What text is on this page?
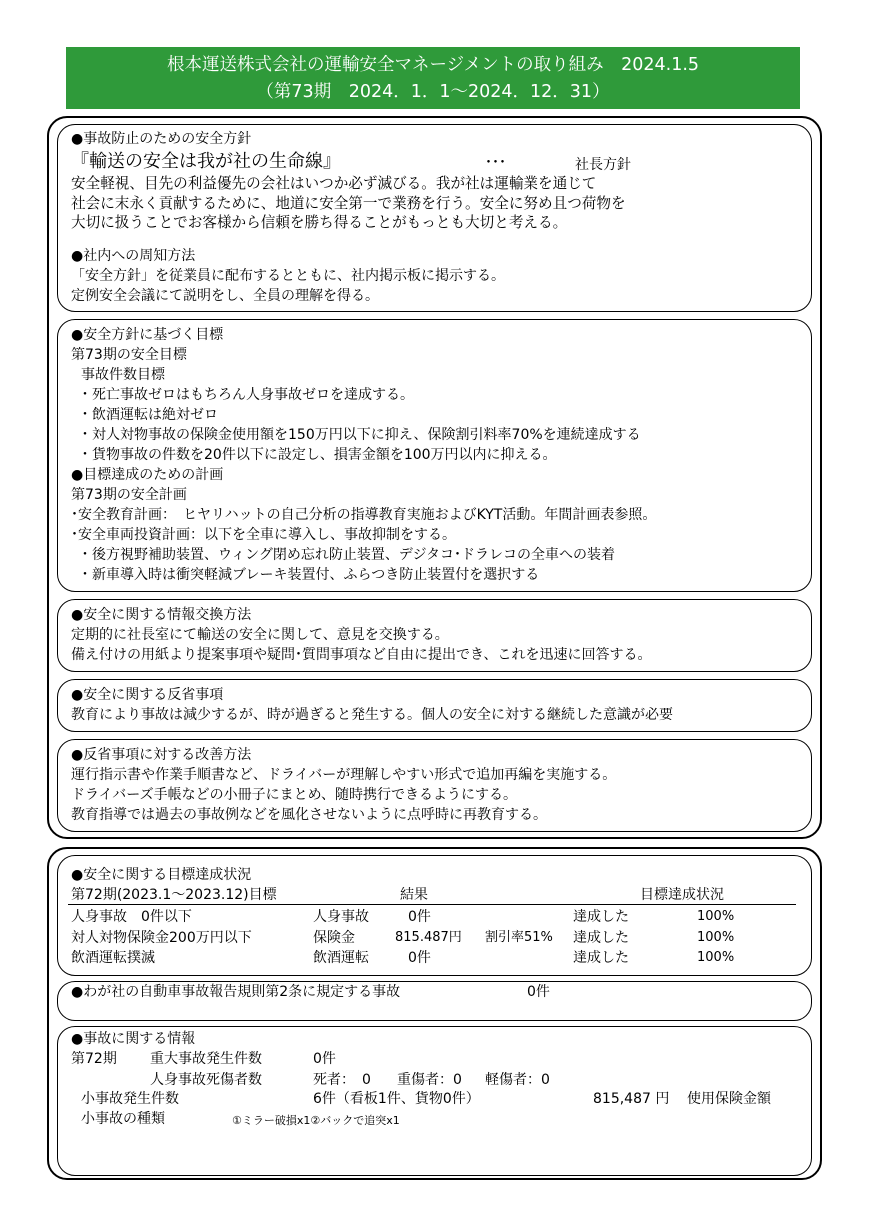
根本運送株式会社の運輸安全マネージメントの取り組み　2024.1.5
（第73期　2024．1．1～2024．12．31）
●事故防止のための安全方針
『輸送の安全は我が社の生命線』	･･･	社長方針
安全軽視、目先の利益優先の会社はいつか必ず滅びる。我が社は運輸業を通じて
社会に末永く貢献するために、地道に安全第一で業務を行う。安全に努め且つ荷物を
大切に扱うことでお客様から信頼を勝ち得ることがもっとも大切と考える。
●社内への周知方法
「安全方針」を従業員に配布するとともに、社内掲示板に掲示する。
定例安全会議にて説明をし、全員の理解を得る。
●安全方針に基づく目標
第73期の安全目標
事故件数目標
・死亡事故ゼロはもちろん人身事故ゼロを達成する。
・飲酒運転は絶対ゼロ
・対人対物事故の保険金使用額を150万円以下に抑え、保険割引料率70%を連続達成する
・貨物事故の件数を20件以下に設定し、損害金額を100万円以内に抑える。
●目標達成のための計画
第73期の安全計画
･安全教育計画：　ヒヤリハットの自己分析の指導教育実施およびKYT活動。年間計画表参照。
･安全車両投資計画：以下を全車に導入し、事故抑制をする。
・後方視野補助装置、ウィング閉め忘れ防止装置、デジタコ･ドラレコの全車への装着
・新車導入時は衝突軽減ブレーキ装置付、ふらつき防止装置付を選択する
●安全に関する情報交換方法
定期的に社長室にて輸送の安全に関して、意見を交換する。
備え付けの用紙より提案事項や疑問･質問事項など自由に提出でき、これを迅速に回答する。
●安全に関する反省事項
教育により事故は減少するが、時が過ぎると発生する。個人の安全に対する継続した意識が必要
●反省事項に対する改善方法
運行指示書や作業手順書など、ドライバーが理解しやすい形式で追加再編を実施する。
ドライバーズ手帳などの小冊子にまとめ、随時携行できるようにする。
教育指導では過去の事故例などを風化させないように点呼時に再教育する。
●安全に関する目標達成状況
第72期(2023.1～2023.12)目標	結果	目標達成状況
人身事故　0件以下	人身事故	0件	達成した	100%
対人対物保険金200万円以下	保険金	815.487円 割引率51% 達成した	100%
飲酒運転撲滅	飲酒運転	0件	達成した	100%
●わが社の自動車事故報告規則第2条に規定する事故	0件
●事故に関する情報
第72期 重大事故発生件数	0件
人身事故死傷者数	死者：　0 重傷者：0 軽傷者：0
小事故発生件数	6件（看板1件、貨物0件）	815,487 円 使用保険金額
小事故の種類	①ミラー破損x1②バックで追突x1
